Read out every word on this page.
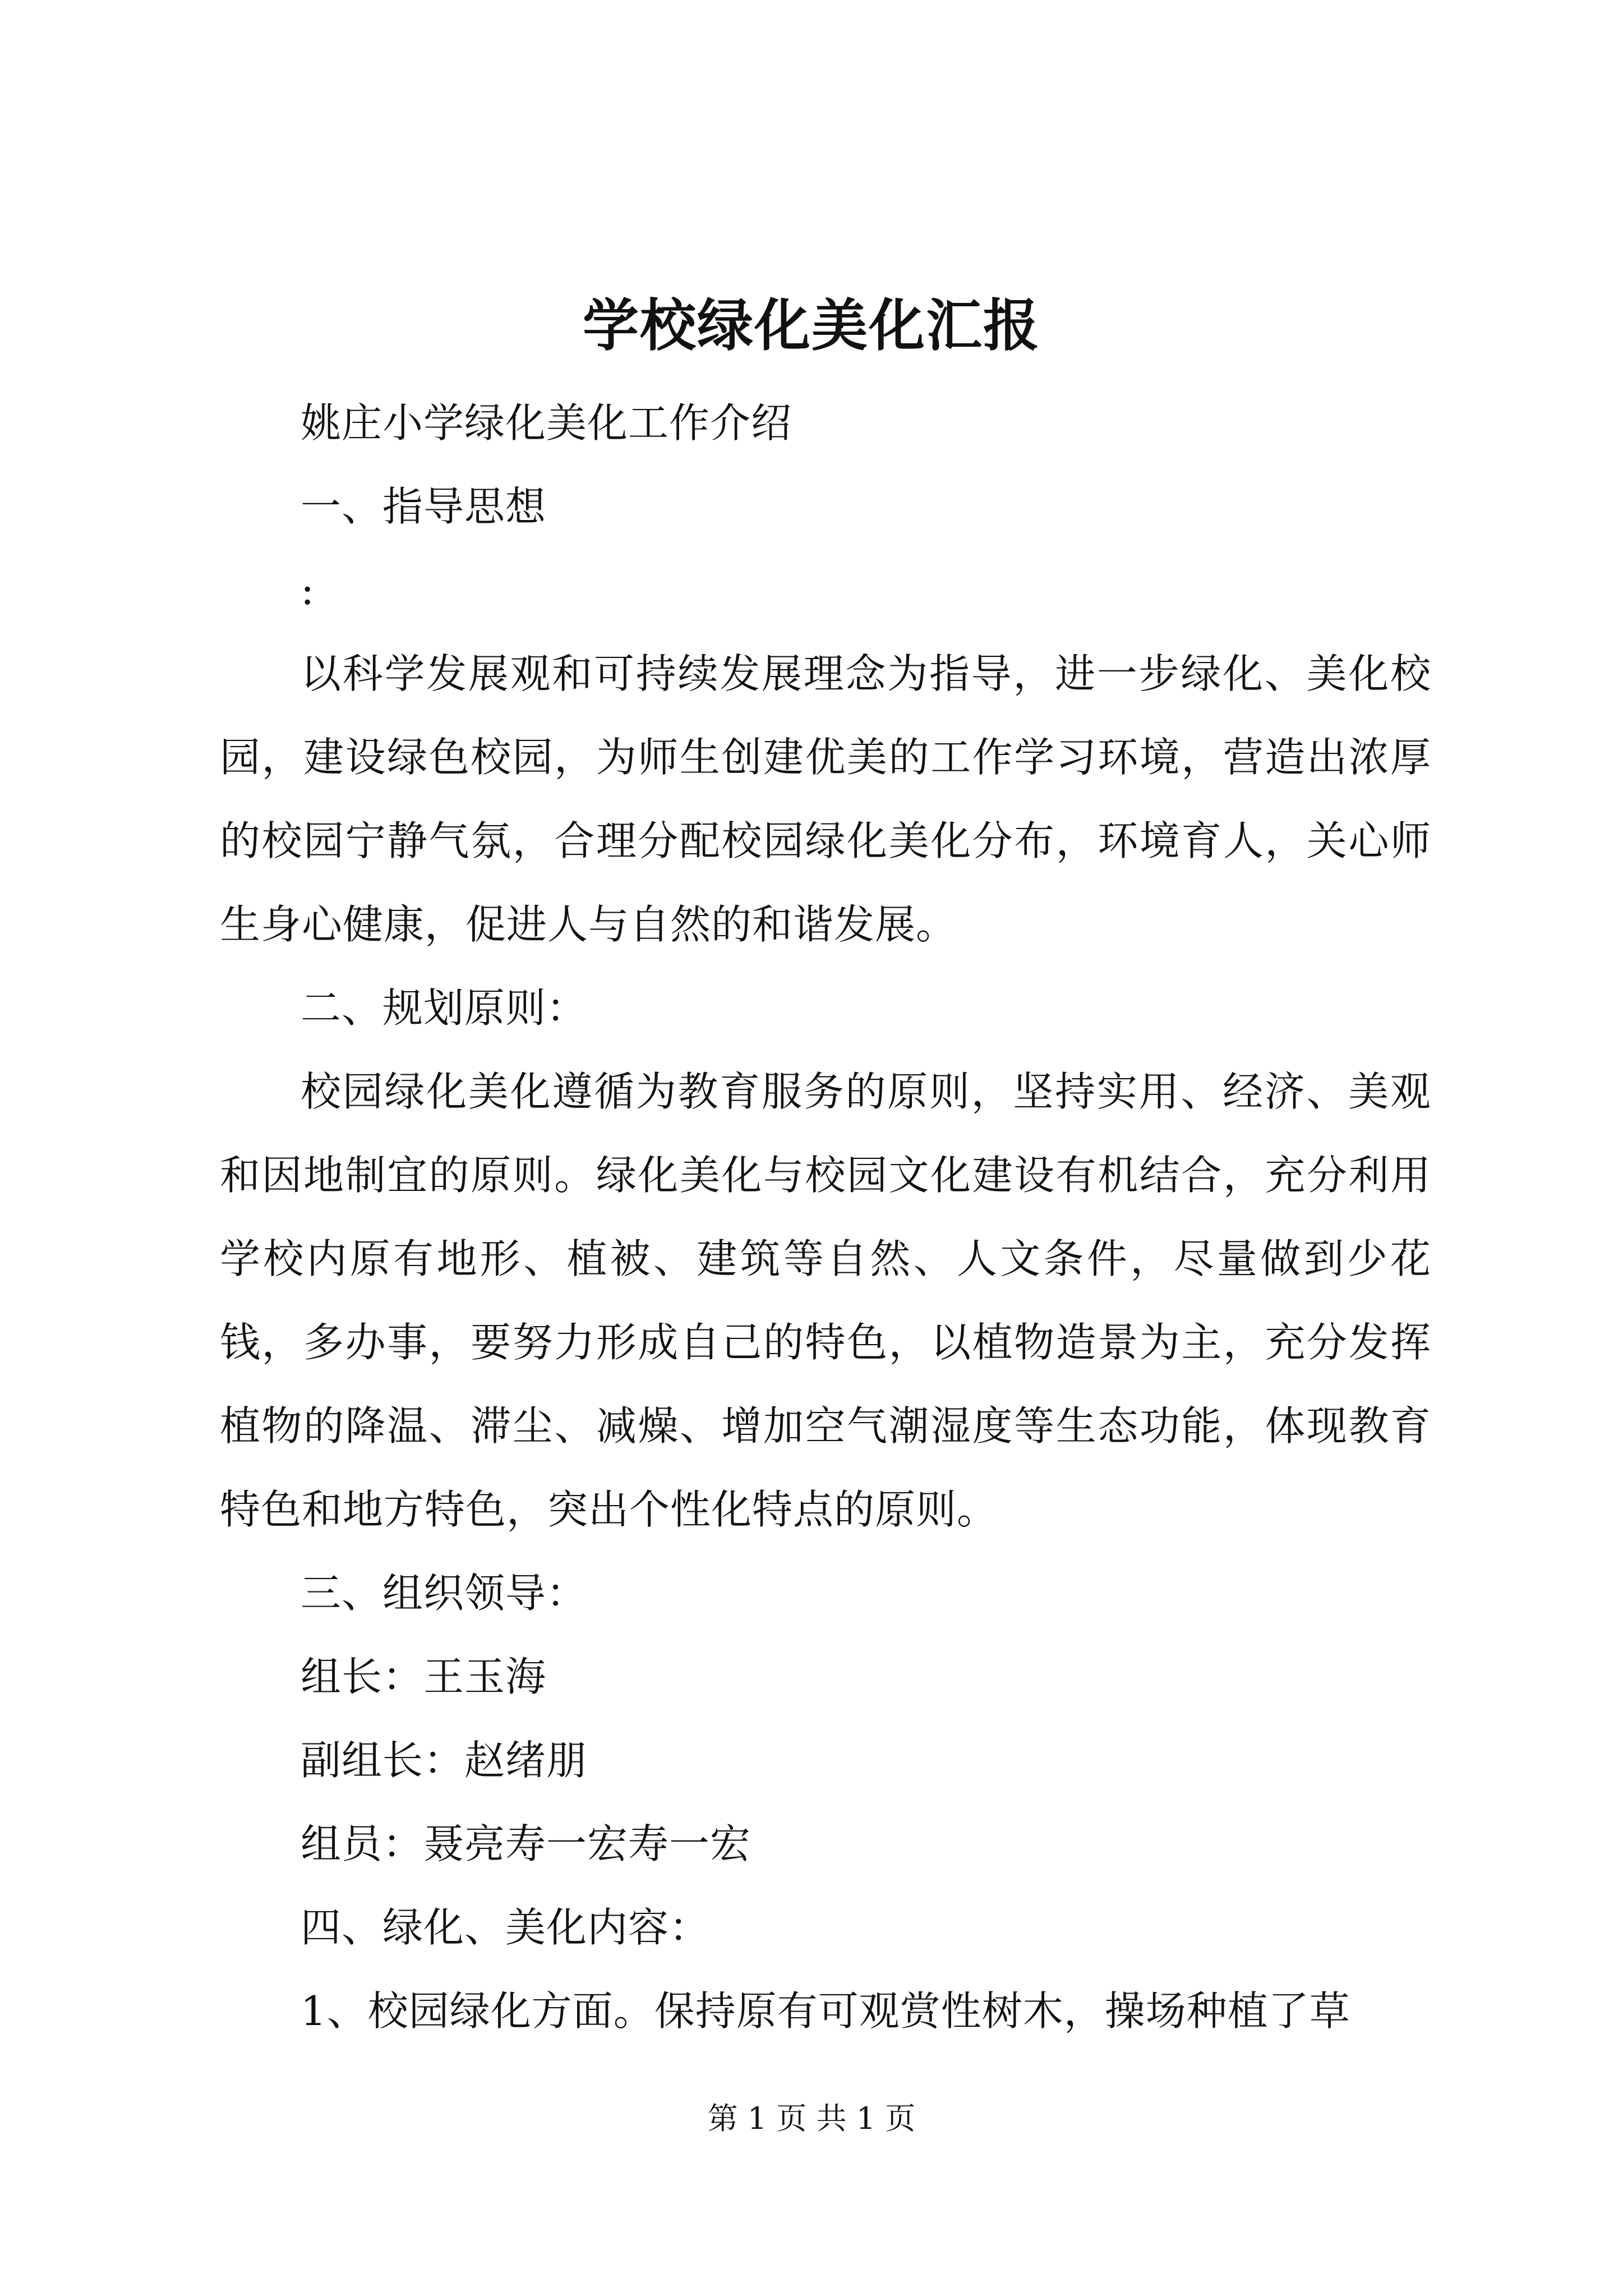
学校绿化美化汇报

姚庄小学绿化美化工作介绍

一、指导思想

:

以科学发展观和可持续发展理念为指导，进一步绿化、美化校园，建设绿色校园，为师生创建优美的工作学习环境，营造出浓厚的校园宁静气氛，合理分配校园绿化美化分布，环境育人，关心师生身心健康，促进人与自然的和谐发展。

二、规划原则：

校园绿化美化遵循为教育服务的原则，坚持实用、经济、美观和因地制宜的原则。绿化美化与校园文化建设有机结合，充分利用学校内原有地形、植被、建筑等自然、人文条件，尽量做到少花钱，多办事，要努力形成自己的特色，以植物造景为主，充分发挥植物的降温、滞尘、减燥、增加空气潮湿度等生态功能，体现教育特色和地方特色，突出个性化特点的原则。

三、组织领导：

组长：王玉海

副组长：赵绪朋

组员：聂亮寿一宏寿一宏

四、绿化、美化内容：

1、校园绿化方面。保持原有可观赏性树木，操场种植了草

第 1 页 共 1 页
